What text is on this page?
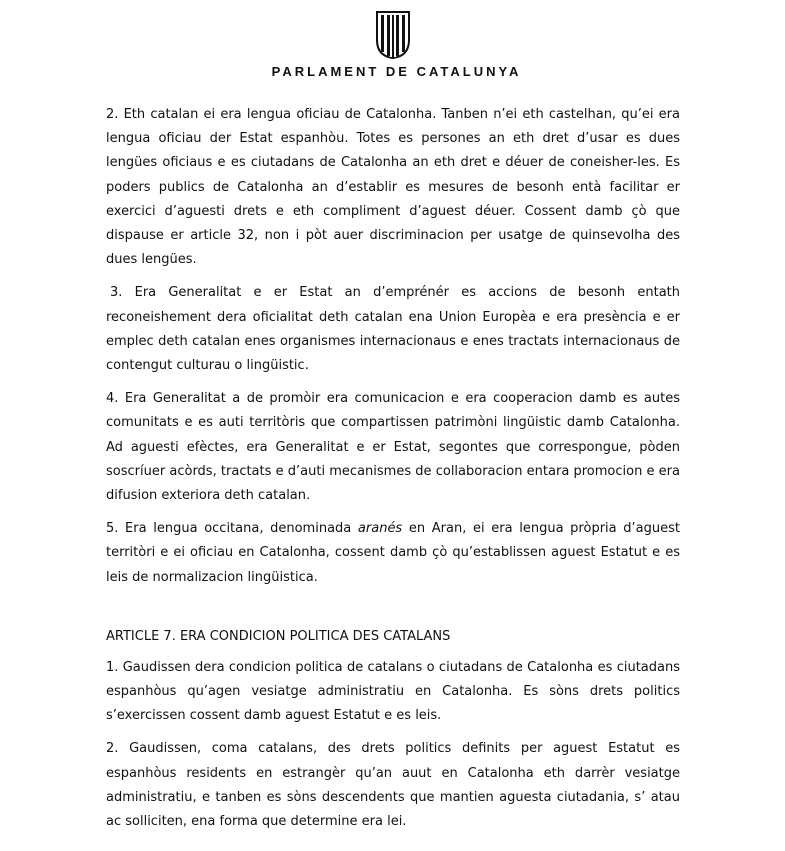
PARLAMENT DE CATALUNYA

2. Eth catalan ei era lengua oficiau de Catalonha. Tanben n’ei eth castelhan, qu’ei era lengua oficiau der Estat espanhòu. Totes es persones an eth dret d’usar es dues lengües oficiaus e es ciutadans de Catalonha an eth dret e déuer de coneisher-les. Es poders publics de Catalonha an d’establir es mesures de besonh entà facilitar er exercici d’aguesti drets e eth compliment d’aguest déuer. Cossent damb çò que dispause er article 32, non i pòt auer discriminacion per usatge de quinsevolha des dues lengües.

3. Era Generalitat e er Estat an d’emprénér es accions de besonh entath reconeishement dera oficialitat deth catalan ena Union Europèa e era presència e er emplec deth catalan enes organismes internacionaus e enes tractats internacionaus de contengut culturau o lingüistic.

4. Era Generalitat a de promòir era comunicacion e era cooperacion damb es autes comunitats e es auti territòris que compartissen patrimòni lingüistic damb Catalonha. Ad aguesti efèctes, era Generalitat e er Estat, segontes que correspongue, pòden soscríuer acòrds, tractats e d’auti mecanismes de collaboracion entara promocion e era difusion exteriora deth catalan.

5. Era lengua occitana, denominada aranés en Aran, ei era lengua pròpria d’aguest territòri e ei oficiau en Catalonha, cossent damb çò qu’establissen aguest Estatut e es leis de normalizacion lingüistica.

ARTICLE 7. ERA CONDICION POLITICA DES CATALANS

1. Gaudissen dera condicion politica de catalans o ciutadans de Catalonha es ciutadans espanhòus qu’agen vesiatge administratiu en Catalonha. Es sòns drets politics s’exercissen cossent damb aguest Estatut e es leis.

2. Gaudissen, coma catalans, des drets politics definits per aguest Estatut es espanhòus residents en estrangèr qu’an auut en Catalonha eth darrèr vesiatge administratiu, e tanben es sòns descendents que mantien aguesta ciutadania, s’ atau ac solliciten, ena forma que determine era lei.
